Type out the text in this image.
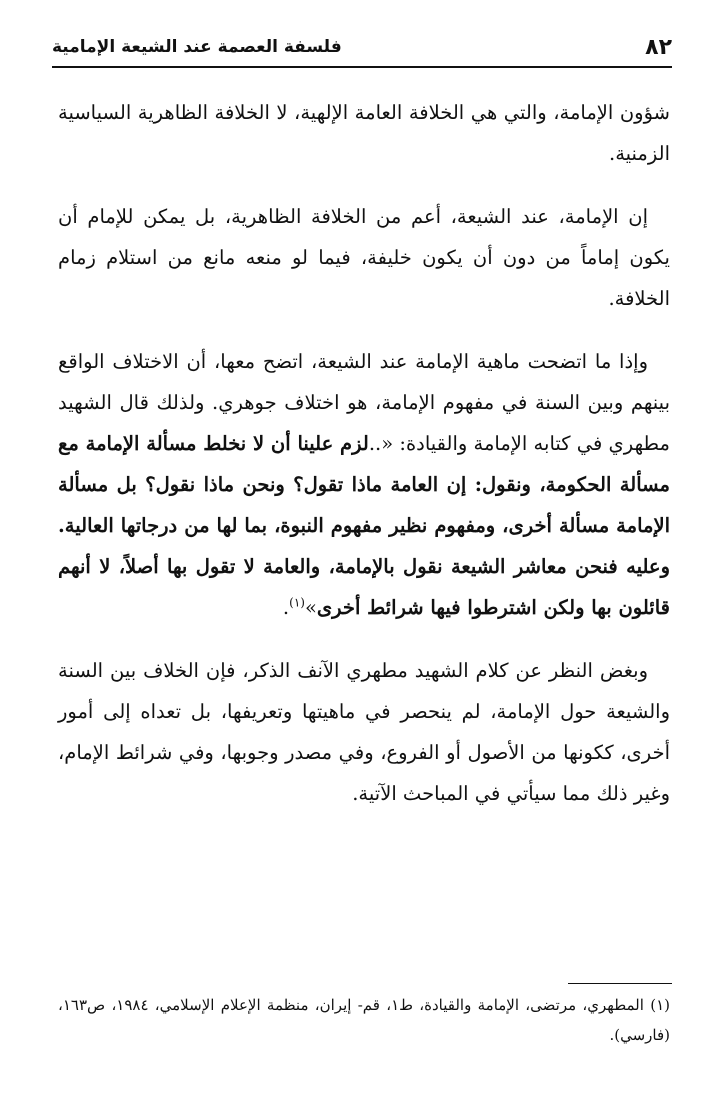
٨٢
فلسفة العصمة عند الشيعة الإمامية

شؤون الإمامة، والتي هي الخلافة العامة الإلهية، لا الخلافة الظاهرية السياسية الزمنية.

إن الإمامة، عند الشيعة، أعم من الخلافة الظاهرية، بل يمكن للإمام أن يكون إماماً من دون أن يكون خليفة، فيما لو منعه مانع من استلام زمام الخلافة.

وإذا ما اتضحت ماهية الإمامة عند الشيعة، اتضح معها، أن الاختلاف الواقع بينهم وبين السنة في مفهوم الإمامة، هو اختلاف جوهري. ولذلك قال الشهيد مطهري في كتابه الإمامة والقيادة: «..لزم علينا أن لا نخلط مسألة الإمامة مع مسألة الحكومة، ونقول: إن العامة ماذا تقول؟ ونحن ماذا نقول؟ بل مسألة الإمامة مسألة أخرى، ومفهوم نظير مفهوم النبوة، بما لها من درجاتها العالية. وعليه فنحن معاشر الشيعة نقول بالإمامة، والعامة لا تقول بها أصلاً، لا أنهم قائلون بها ولكن اشترطوا فيها شرائط أخرى»$^{(١)}$.

وبغض النظر عن كلام الشهيد مطهري الآنف الذكر، فإن الخلاف بين السنة والشيعة حول الإمامة، لم ينحصر في ماهيتها وتعريفها، بل تعداه إلى أمور أخرى، ككونها من الأصول أو الفروع، وفي مصدر وجوبها، وفي شرائط الإمام، وغير ذلك مما سيأتي في المباحث الآتية.

(١) المطهري، مرتضى، الإمامة والقيادة، ط١، قم- إيران، منظمة الإعلام الإسلامي، ١٩٨٤، ص١٦٣، (فارسي).
